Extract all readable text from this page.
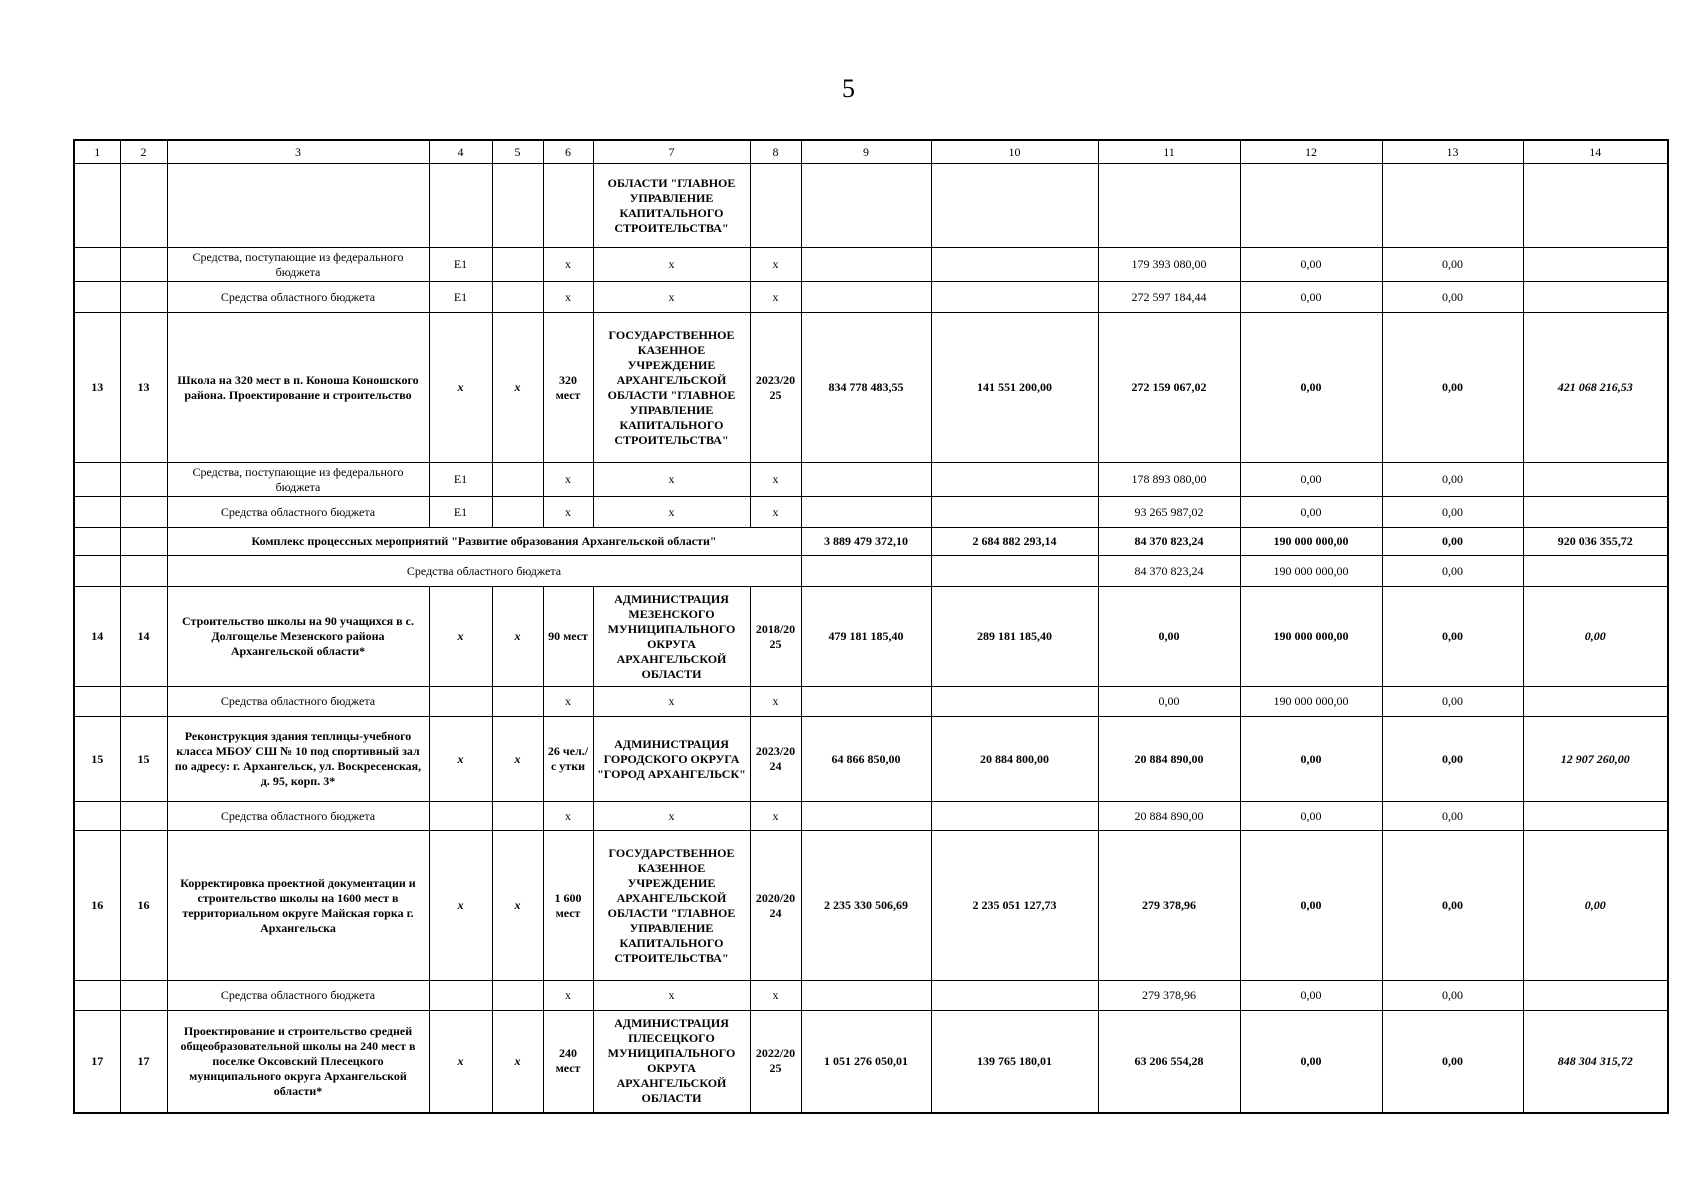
5
1	2	3	4	5	6	7	8	9	10	11	12	13	14
						ОБЛАСТИ "ГЛАВНОЕ УПРАВЛЕНИЕ КАПИТАЛЬНОГО СТРОИТЕЛЬСТВА"							
		Средства, поступающие из федерального бюджета	Е1		x	x	x			179 393 080,00	0,00	0,00	
		Средства областного бюджета	Е1		x	x	x			272 597 184,44	0,00	0,00	
13	13	Школа на 320 мест в п. Коноша Коношского района. Проектирование и строительство	x	x	320 мест	ГОСУДАРСТВЕННОЕ КАЗЕННОЕ УЧРЕЖДЕНИЕ АРХАНГЕЛЬСКОЙ ОБЛАСТИ "ГЛАВНОЕ УПРАВЛЕНИЕ КАПИТАЛЬНОГО СТРОИТЕЛЬСТВА"	2023/20 25	834 778 483,55	141 551 200,00	272 159 067,02	0,00	0,00	421 068 216,53
		Средства, поступающие из федерального бюджета	Е1		x	x	x			178 893 080,00	0,00	0,00	
		Средства областного бюджета	Е1		x	x	x			93 265 987,02	0,00	0,00	
		Комплекс процессных мероприятий "Развитие образования Архангельской области"						3 889 479 372,10	2 684 882 293,14	84 370 823,24	190 000 000,00	0,00	920 036 355,72
		Средства областного бюджета								84 370 823,24	190 000 000,00	0,00	
14	14	Строительство школы на 90 учащихся в с. Долгощелье Мезенского района Архангельской области*	x	x	90 мест	АДМИНИСТРАЦИЯ МЕЗЕНСКОГО МУНИЦИПАЛЬНОГО ОКРУГА АРХАНГЕЛЬСКОЙ ОБЛАСТИ	2018/20 25	479 181 185,40	289 181 185,40	0,00	190 000 000,00	0,00	0,00
		Средства областного бюджета			x	x	x			0,00	190 000 000,00	0,00	
15	15	Реконструкция здания теплицы-учебного класса МБОУ СШ № 10 под спортивный зал по адресу: г. Архангельск, ул. Воскресенская, д. 95, корп. 3*	x	x	26 чел./с утки	АДМИНИСТРАЦИЯ ГОРОДСКОГО ОКРУГА "ГОРОД АРХАНГЕЛЬСК"	2023/20 24	64 866 850,00	20 884 800,00	20 884 890,00	0,00	0,00	12 907 260,00
		Средства областного бюджета			x	x	x			20 884 890,00	0,00	0,00	
16	16	Корректировка проектной документации и строительство школы на 1600 мест в территориальном округе Майская горка г. Архангельска	x	x	1 600 мест	ГОСУДАРСТВЕННОЕ КАЗЕННОЕ УЧРЕЖДЕНИЕ АРХАНГЕЛЬСКОЙ ОБЛАСТИ "ГЛАВНОЕ УПРАВЛЕНИЕ КАПИТАЛЬНОГО СТРОИТЕЛЬСТВА"	2020/20 24	2 235 330 506,69	2 235 051 127,73	279 378,96	0,00	0,00	0,00
		Средства областного бюджета			x	x	x			279 378,96	0,00	0,00	
17	17	Проектирование и строительство средней общеобразовательной школы на 240 мест в поселке Оксовский Плесецкого муниципального округа Архангельской области*	x	x	240 мест	АДМИНИСТРАЦИЯ ПЛЕСЕЦКОГО МУНИЦИПАЛЬНОГО ОКРУГА АРХАНГЕЛЬСКОЙ ОБЛАСТИ	2022/20 25	1 051 276 050,01	139 765 180,01	63 206 554,28	0,00	0,00	848 304 315,72
